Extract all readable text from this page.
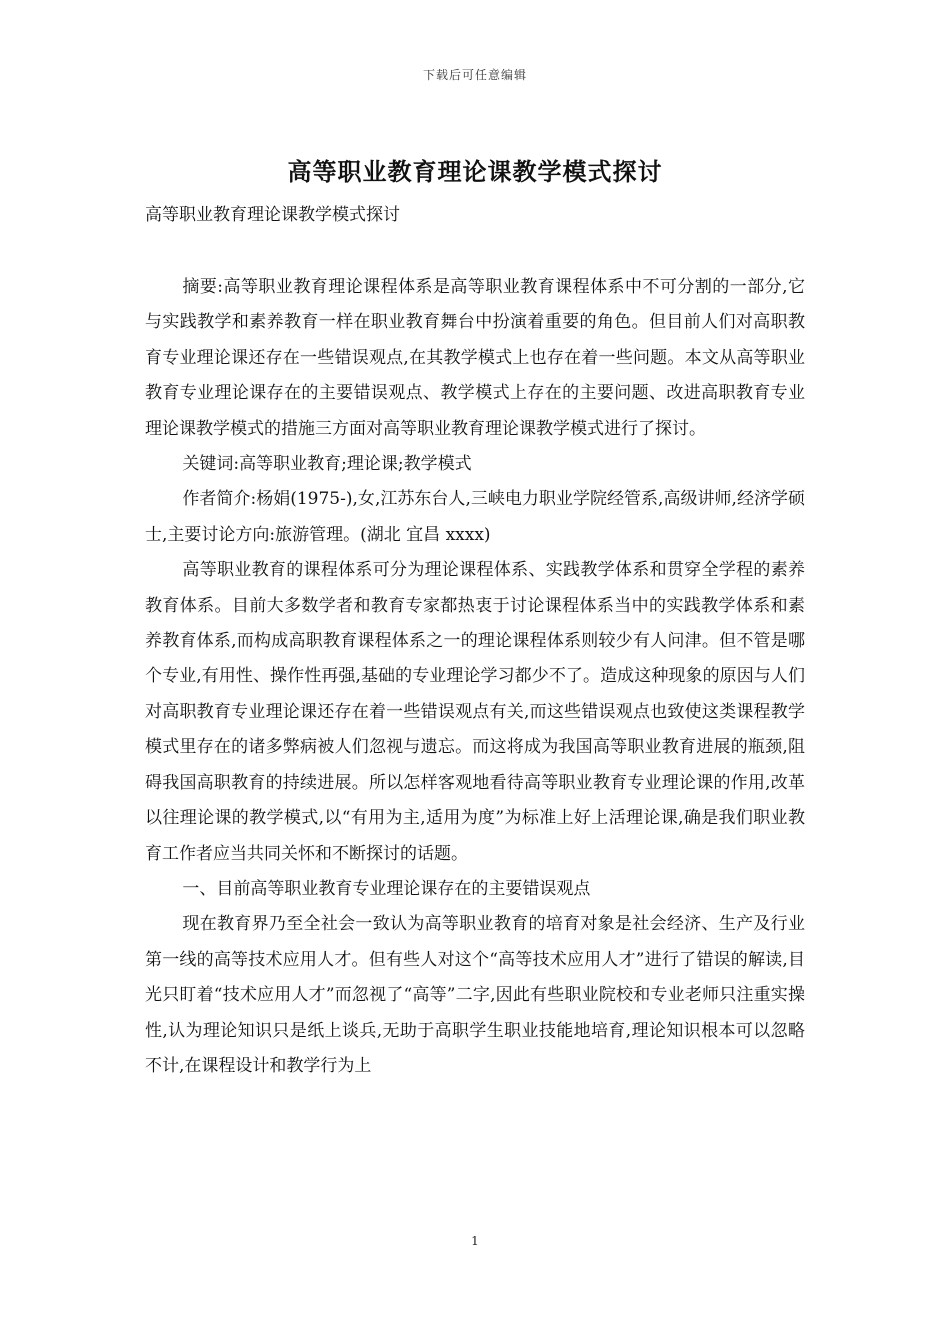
下载后可任意编辑
高等职业教育理论课教学模式探讨
高等职业教育理论课教学模式探讨

摘要:高等职业教育理论课程体系是高等职业教育课程体系中不可分割的一部分,它与实践教学和素养教育一样在职业教育舞台中扮演着重要的角色。但目前人们对高职教育专业理论课还存在一些错误观点,在其教学模式上也存在着一些问题。本文从高等职业教育专业理论课存在的主要错误观点、教学模式上存在的主要问题、改进高职教育专业理论课教学模式的措施三方面对高等职业教育理论课教学模式进行了探讨。

关键词:高等职业教育;理论课;教学模式

作者简介:杨娟(1975-),女,江苏东台人,三峡电力职业学院经管系,高级讲师,经济学硕士,主要讨论方向:旅游管理。(湖北 宜昌 xxxx)

高等职业教育的课程体系可分为理论课程体系、实践教学体系和贯穿全学程的素养教育体系。目前大多数学者和教育专家都热衷于讨论课程体系当中的实践教学体系和素养教育体系,而构成高职教育课程体系之一的理论课程体系则较少有人问津。但不管是哪个专业,有用性、操作性再强,基础的专业理论学习都少不了。造成这种现象的原因与人们对高职教育专业理论课还存在着一些错误观点有关,而这些错误观点也致使这类课程教学模式里存在的诸多弊病被人们忽视与遗忘。而这将成为我国高等职业教育进展的瓶颈,阻碍我国高职教育的持续进展。所以怎样客观地看待高等职业教育专业理论课的作用,改革以往理论课的教学模式,以“有用为主,适用为度”为标准上好上活理论课,确是我们职业教育工作者应当共同关怀和不断探讨的话题。

一、目前高等职业教育专业理论课存在的主要错误观点

现在教育界乃至全社会一致认为高等职业教育的培育对象是社会经济、生产及行业第一线的高等技术应用人才。但有些人对这个“高等技术应用人才”进行了错误的解读,目光只盯着“技术应用人才”而忽视了“高等”二字,因此有些职业院校和专业老师只注重实操性,认为理论知识只是纸上谈兵,无助于高职学生职业技能地培育,理论知识根本可以忽略不计,在课程设计和教学行为上

1
